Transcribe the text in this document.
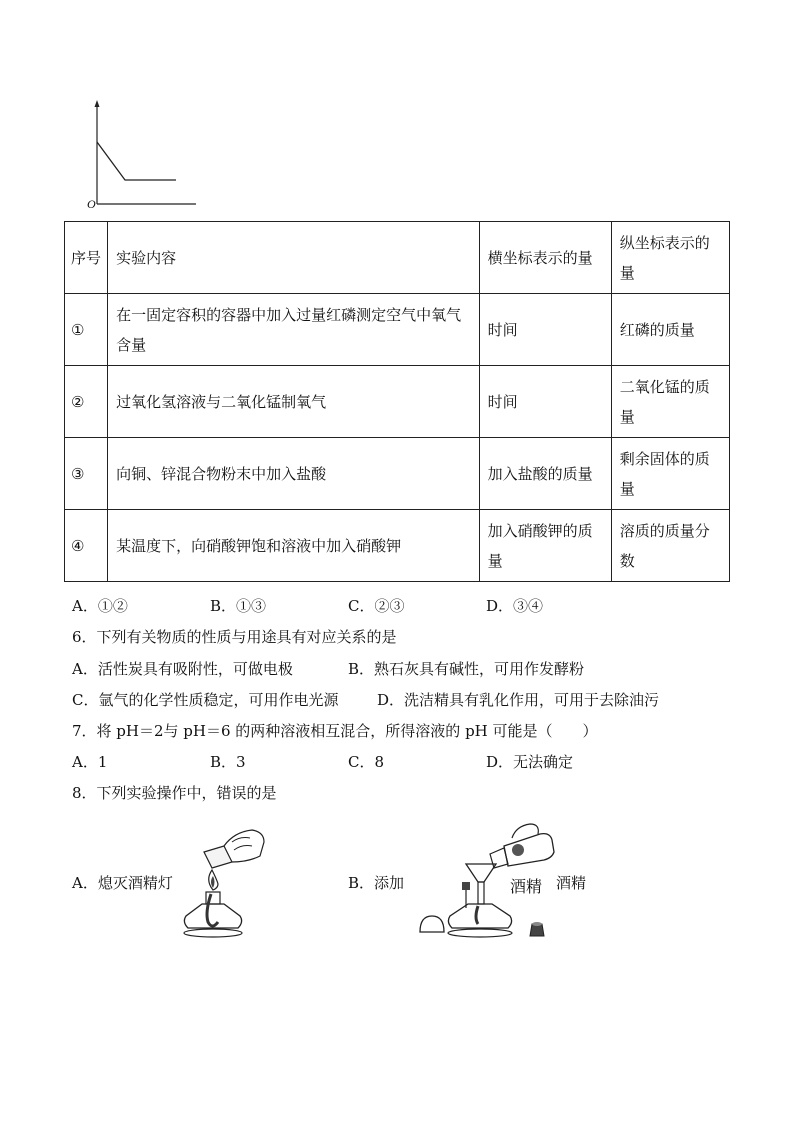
O
序号	实验内容	横坐标表示的量	纵坐标表示的量
①	在一固定容积的容器中加入过量红磷测定空气中氧气含量	时间	红磷的质量
②	过氧化氢溶液与二氧化锰制氧气	时间	二氧化锰的质量
③	向铜、锌混合物粉末中加入盐酸	加入盐酸的质量	剩余固体的质量
④	某温度下，向硝酸钾饱和溶液中加入硝酸钾	加入硝酸钾的质量	溶质的质量分数
A．①②	B．①③	C．②③	D．③④
6．下列有关物质的性质与用途具有对应关系的是
A．活性炭具有吸附性，可做电极	B．熟石灰具有碱性，可用作发酵粉
C．氩气的化学性质稳定，可用作电光源	D．洗洁精具有乳化作用，可用于去除油污
7．将 pH＝2与 pH＝6 的两种溶液相互混合，所得溶液的 pH 可能是（　　）
A．1	B．3	C．8	D．无法确定
8．下列实验操作中，错误的是
A．熄灭酒精灯	B．添加	酒精 酒精
